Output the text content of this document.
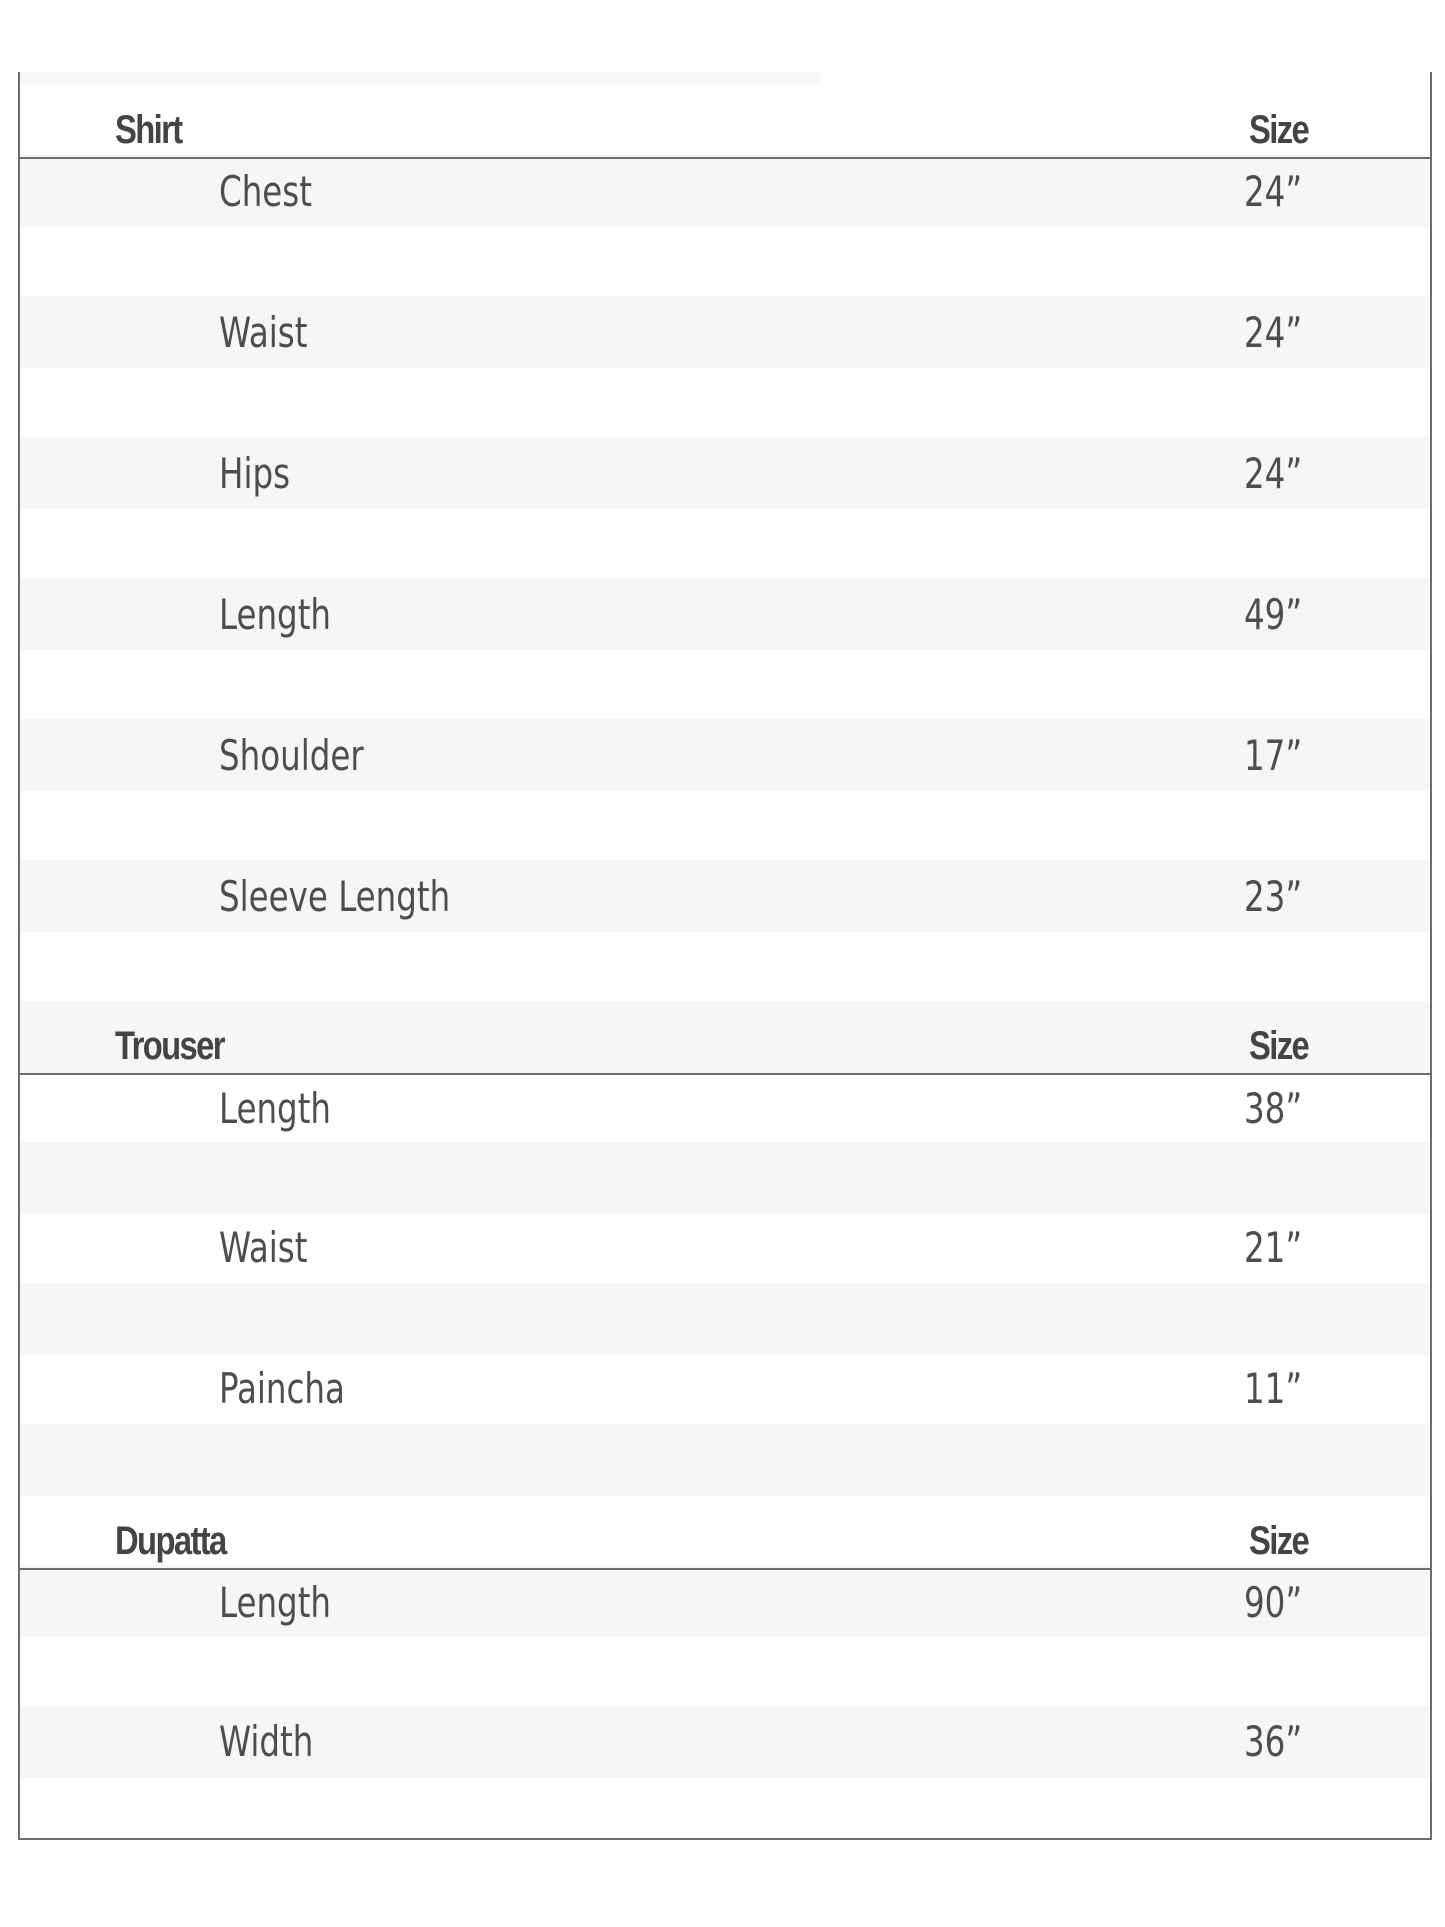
Shirt	Size
Chest	24”
Waist	24”
Hips	24”
Length	49”
Shoulder	17”
Sleeve Length	23”
Trouser	Size
Length	38”
Waist	21”
Paincha	11”
Dupatta	Size
Length	90”
Width	36”
